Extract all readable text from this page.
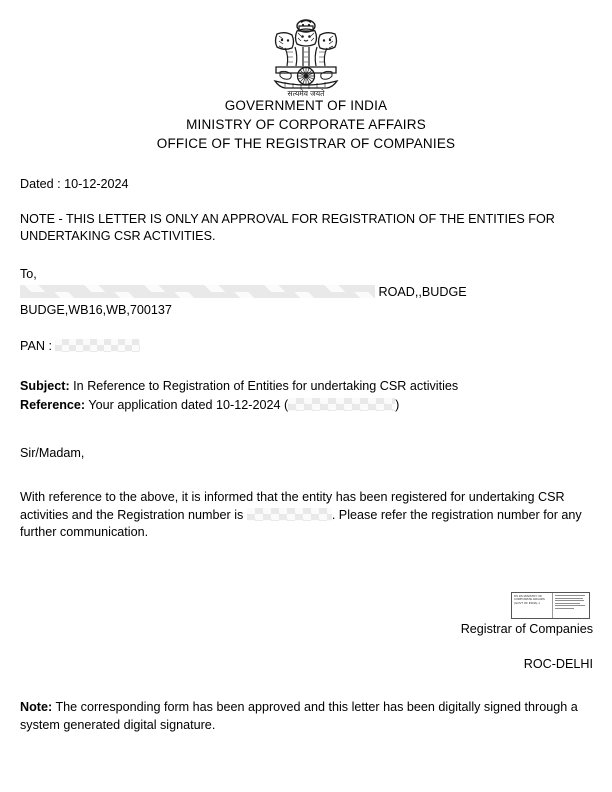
सत्यमेव जयते
GOVERNMENT OF INDIA
MINISTRY OF CORPORATE AFFAIRS
OFFICE OF THE REGISTRAR OF COMPANIES
Dated : 10-12-2024
NOTE - THIS LETTER IS ONLY AN APPROVAL FOR REGISTRATION OF THE ENTITIES FOR UNDERTAKING CSR ACTIVITIES.
To,
ROAD,,BUDGE
BUDGE,WB16,WB,700137
PAN :
Subject: In Reference to Registration of Entities for undertaking CSR activities
Reference: Your application dated 10-12-2024 (	)
Sir/Madam,
With reference to the above, it is informed that the entity has been registered for undertaking CSR activities and the Registration number is	. Please refer the registration number for any further communication.
DS DS MINISTRY OF CORPORATE AFFAIRS (GOVT OF INDIA) 1
Registrar of Companies
ROC-DELHI
Note: The corresponding form has been approved and this letter has been digitally signed through a system generated digital signature.
